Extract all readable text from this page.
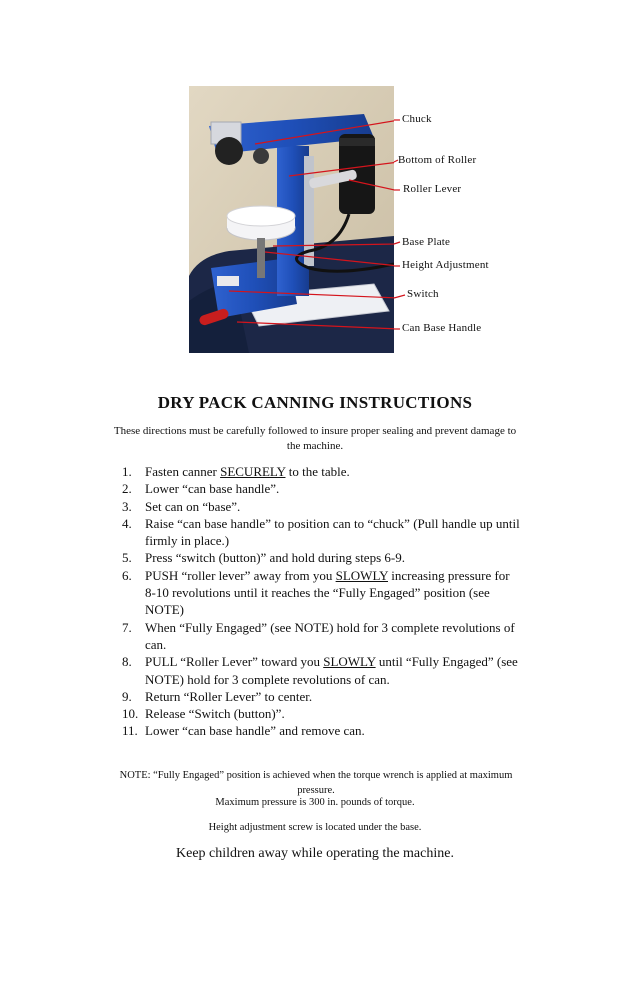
Chuck
Bottom of Roller
Roller Lever
Base Plate
Height Adjustment
Switch
Can Base Handle
DRY PACK CANNING INSTRUCTIONS
These directions must be carefully followed to insure proper sealing and prevent damage to the machine.
1.	Fasten canner SECURELY to the table.
2.	Lower “can base handle”.
3.	Set can on “base”.
4.	Raise “can base handle” to position can to “chuck” (Pull handle up until firmly in place.)
5.	Press “switch (button)” and hold during steps 6-9.
6.	PUSH “roller lever” away from you SLOWLY increasing pressure for 8-10 revolutions until it reaches the “Fully Engaged” position (see NOTE)
7.	When “Fully Engaged” (see NOTE) hold for 3 complete revolutions of can.
8.	PULL “Roller Lever” toward you SLOWLY until “Fully Engaged” (see NOTE) hold for 3 complete revolutions of can.
9.	Return “Roller Lever” to center.
10. Release “Switch (button)”.
11. Lower “can base handle” and remove can.
NOTE: “Fully Engaged” position is achieved when the torque wrench is applied at maximum pressure.
Maximum pressure is 300 in. pounds of torque.
Height adjustment screw is located under the base.
Keep children away while operating the machine.
